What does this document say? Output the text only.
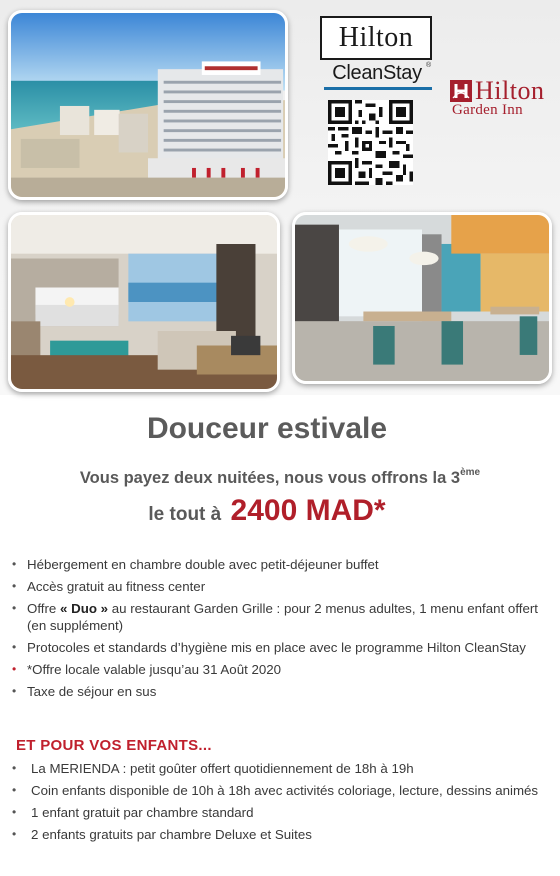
Hilton
CleanStay ®
Hilton
Garden Inn
Douceur estivale
Vous payez deux nuitées, nous vous offrons la 3ème
le tout à 2400 MAD*
• Hébergement en chambre double avec petit-déjeuner buffet
• Accès gratuit au fitness center
• Offre « Duo » au restaurant Garden Grille : pour 2 menus adultes, 1 menu enfant offert (en supplément)
• Protocoles et standards d’hygiène mis en place avec le programme Hilton CleanStay
• *Offre locale valable jusqu’au 31 Août 2020
• Taxe de séjour en sus
ET POUR VOS ENFANTS...
• La MERIENDA : petit goûter offert quotidiennement de 18h à 19h
• Coin enfants disponible de 10h à 18h avec activités coloriage, lecture, dessins animés
• 1 enfant gratuit par chambre standard
• 2 enfants gratuits par chambre Deluxe et Suites
